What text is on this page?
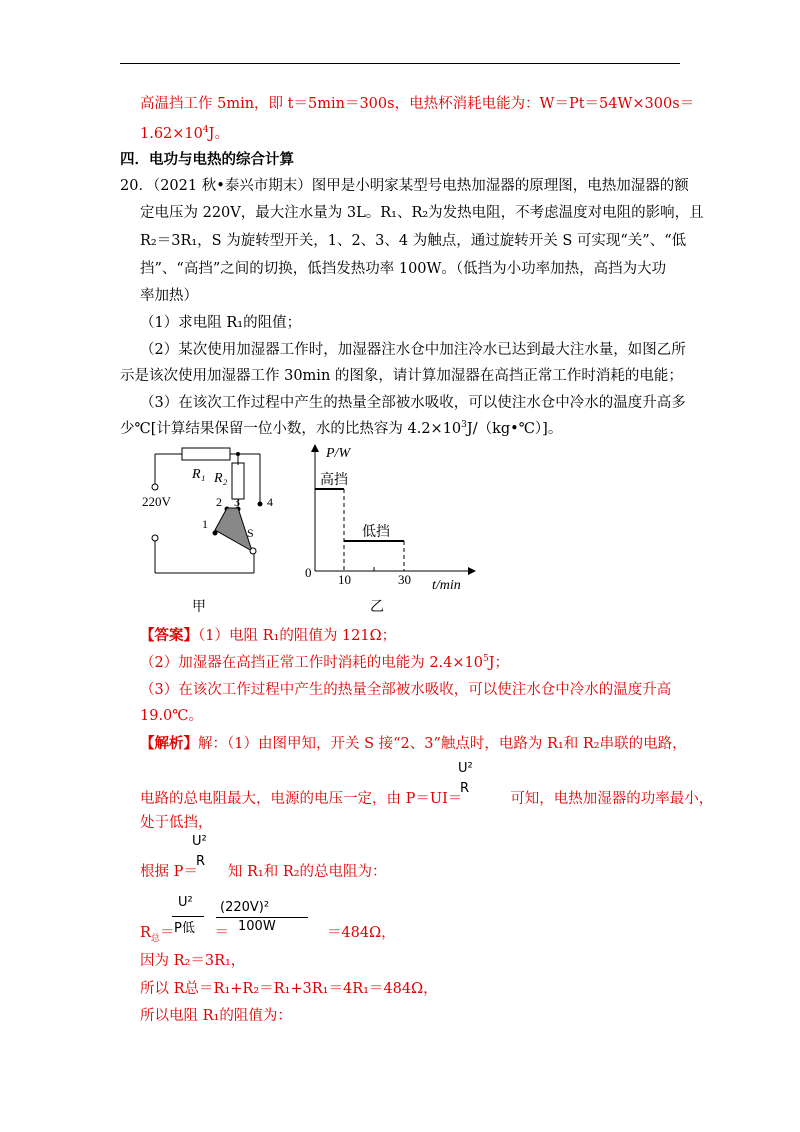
高温挡工作 5min，即 t＝5min＝300s，电热杯消耗电能为：W＝Pt＝54W×300s＝
$1.62\times 10^4J$。
四．电功与电热的综合计算
20．（2021 秋•泰兴市期末）图甲是小明家某型号电热加湿器的原理图，电热加湿器的额
定电压为 220V，最大注水量为 3L。R₁、R₂为发热电阻，不考虑温度对电阻的影响，且
R₂＝3R₁，S 为旋转型开关，1、2、3、4 为触点，通过旋转开关 S 可实现“关”、“低
挡”、“高挡”之间的切换，低挡发热功率 100W。（低挡为小功率加热，高挡为大功
率加热）
（1）求电阻 R₁的阻值；
（2）某次使用加湿器工作时，加湿器注水仓中加注冷水已达到最大注水量，如图乙所
示是该次使用加湿器工作 30min 的图象，请计算加湿器在高挡正常工作时消耗的电能；
（3）在该次工作过程中产生的热量全部被水吸收，可以使注水仓中冷水的温度升高多
少℃[计算结果保留一位小数，水的比热容为 $4.2\times 10^3J/(kg•℃)$]。
R₁ R₂
220V
1
2 3 4
S
甲
P/W
t/min
0 10	30
高挡
低挡
乙
【答案】（1）电阻 R₁的阻值为 121Ω；
（2）加湿器在高挡正常工作时消耗的电能为 $2.4\times 10^5J$；
（3）在该次工作过程中产生的热量全部被水吸收，可以使注水仓中冷水的温度升高
19.0℃。
【解析】解：（1）由图甲知，开关 S 接“2、3”触点时，电路为 R₁和 R₂串联的电路，
电路的总电阻最大，电源的电压一定，由 P＝UI＝	可知，电热加湿器的功率最小，
U²
R
处于低挡，
根据 P＝ 知 R₁和 R₂的总电阻为：
U²
R
$R_总=$	＝	＝484Ω，
U²
P低
(220V)²
100W
因为 R₂＝3R₁，
所以 R总＝R₁+R₂＝R₁+3R₁＝4R₁＝484Ω，
所以电阻 R₁的阻值为：
